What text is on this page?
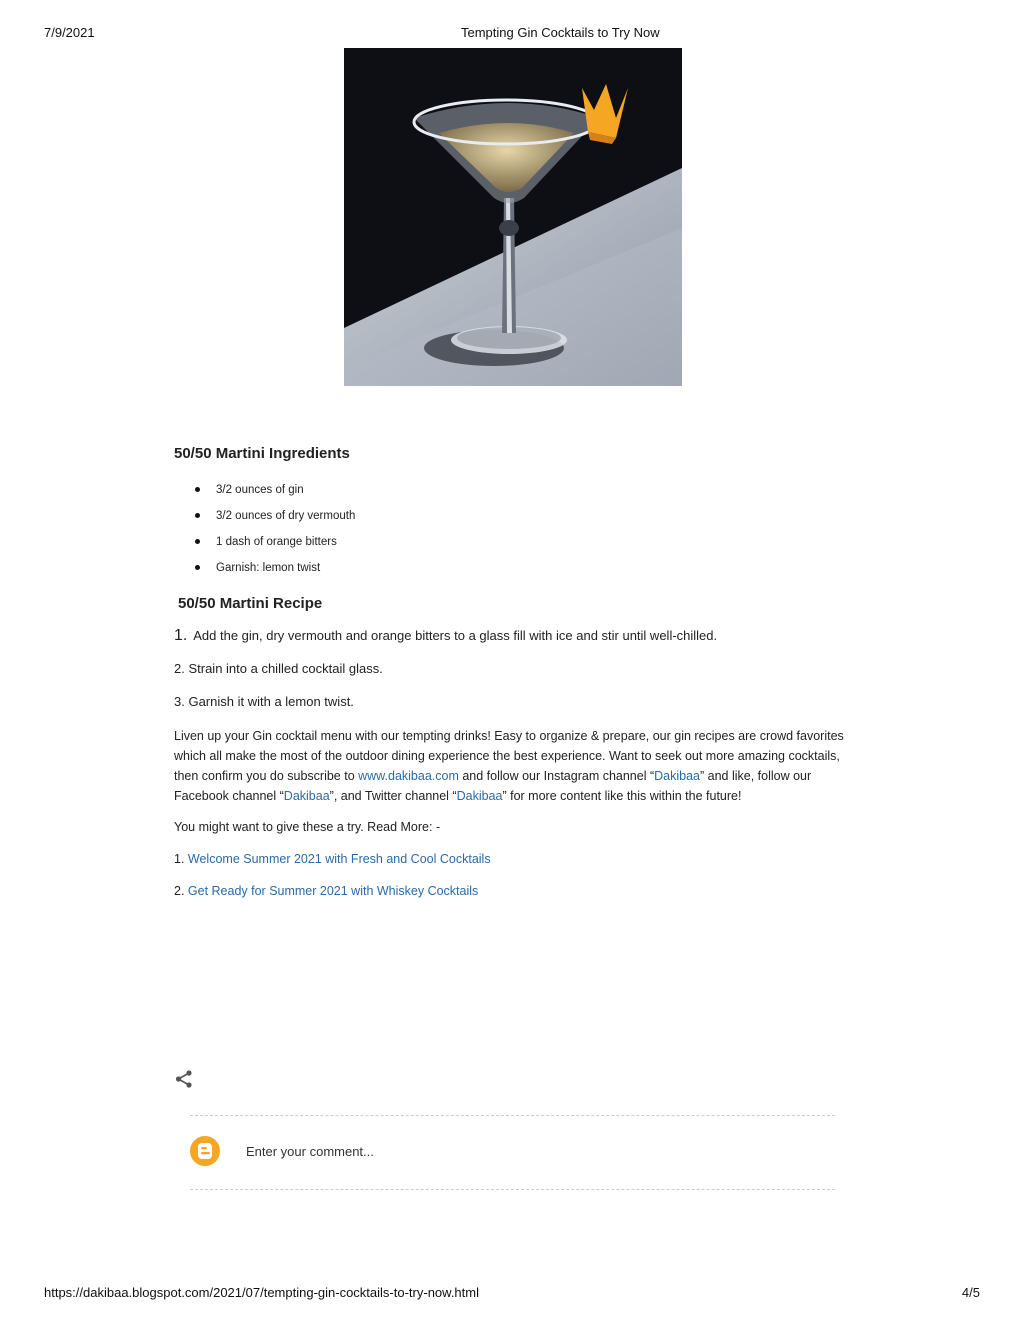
7/9/2021	Tempting Gin Cocktails to Try Now
50/50 Martini Ingredients
3/2 ounces of gin
3/2 ounces of dry vermouth
1 dash of orange bitters
Garnish: lemon twist
50/50 Martini Recipe
1. Add the gin, dry vermouth and orange bitters to a glass fill with ice and stir until well-chilled.
2. Strain into a chilled cocktail glass.
3. Garnish it with a lemon twist.

Liven up your Gin cocktail menu with our tempting drinks! Easy to organize & prepare, our gin recipes are crowd favorites which all make the most of the outdoor dining experience the best experience. Want to seek out more amazing cocktails, then confirm you do subscribe to www.dakibaa.com and follow our Instagram channel “Dakibaa” and like, follow our Facebook channel “Dakibaa”, and Twitter channel “Dakibaa” for more content like this within the future!

You might want to give these a try. Read More: -
1. Welcome Summer 2021 with Fresh and Cool Cocktails
2. Get Ready for Summer 2021 with Whiskey Cocktails
Enter your comment...
https://dakibaa.blogspot.com/2021/07/tempting-gin-cocktails-to-try-now.html	4/5
